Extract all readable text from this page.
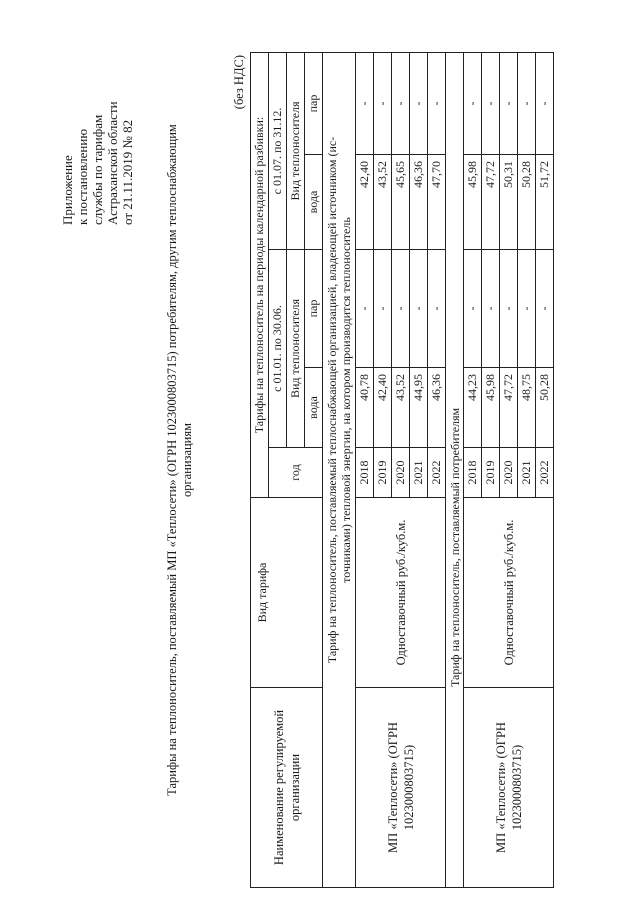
Приложение к постановлению службы по тарифам Астраханской области от 21.11.2019 № 82 Тарифы на теплоноситель, поставляемый МП «Теплосети» (ОГРН 1023000803715) потребителям, другим теплоснабжающим организациям
(без НДС)
Наименование регулируемой организации	Вид тарифа	Тарифы на теплоноситель на периоды календарной разбивки:				
		год	с 01.01. по 30.06.		с 01.07. по 31.12.	
			Вид теплоносителя		Вид теплоносителя	
			вода	пар	вода	пар
Тариф на теплоноситель, поставляемый теплоснабжающей организацией, владеющей источником (ис-точниками) тепловой энергии, на котором производится теплоноситель						
МП «Теплосети» (ОГРН 1023000803715)	Одноставочный руб./куб.м.	2018	40,78	-	42,40	-
		2019	42,40	-	43,52	-
		2020	43,52	-	45,65	-
		2021	44,95	-	46,36	-
		2022	46,36	-	47,70	-
Тариф на теплоноситель, поставляемый потребителям						
МП «Теплосети» (ОГРН 1023000803715)	Одноставочный руб./куб.м.	2018	44,23	-	45,98	-
		2019	45,98	-	47,72	-
		2020	47,72	-	50,31	-
		2021	48,75	-	50,28	-
		2022	50,28	-	51,72	-
